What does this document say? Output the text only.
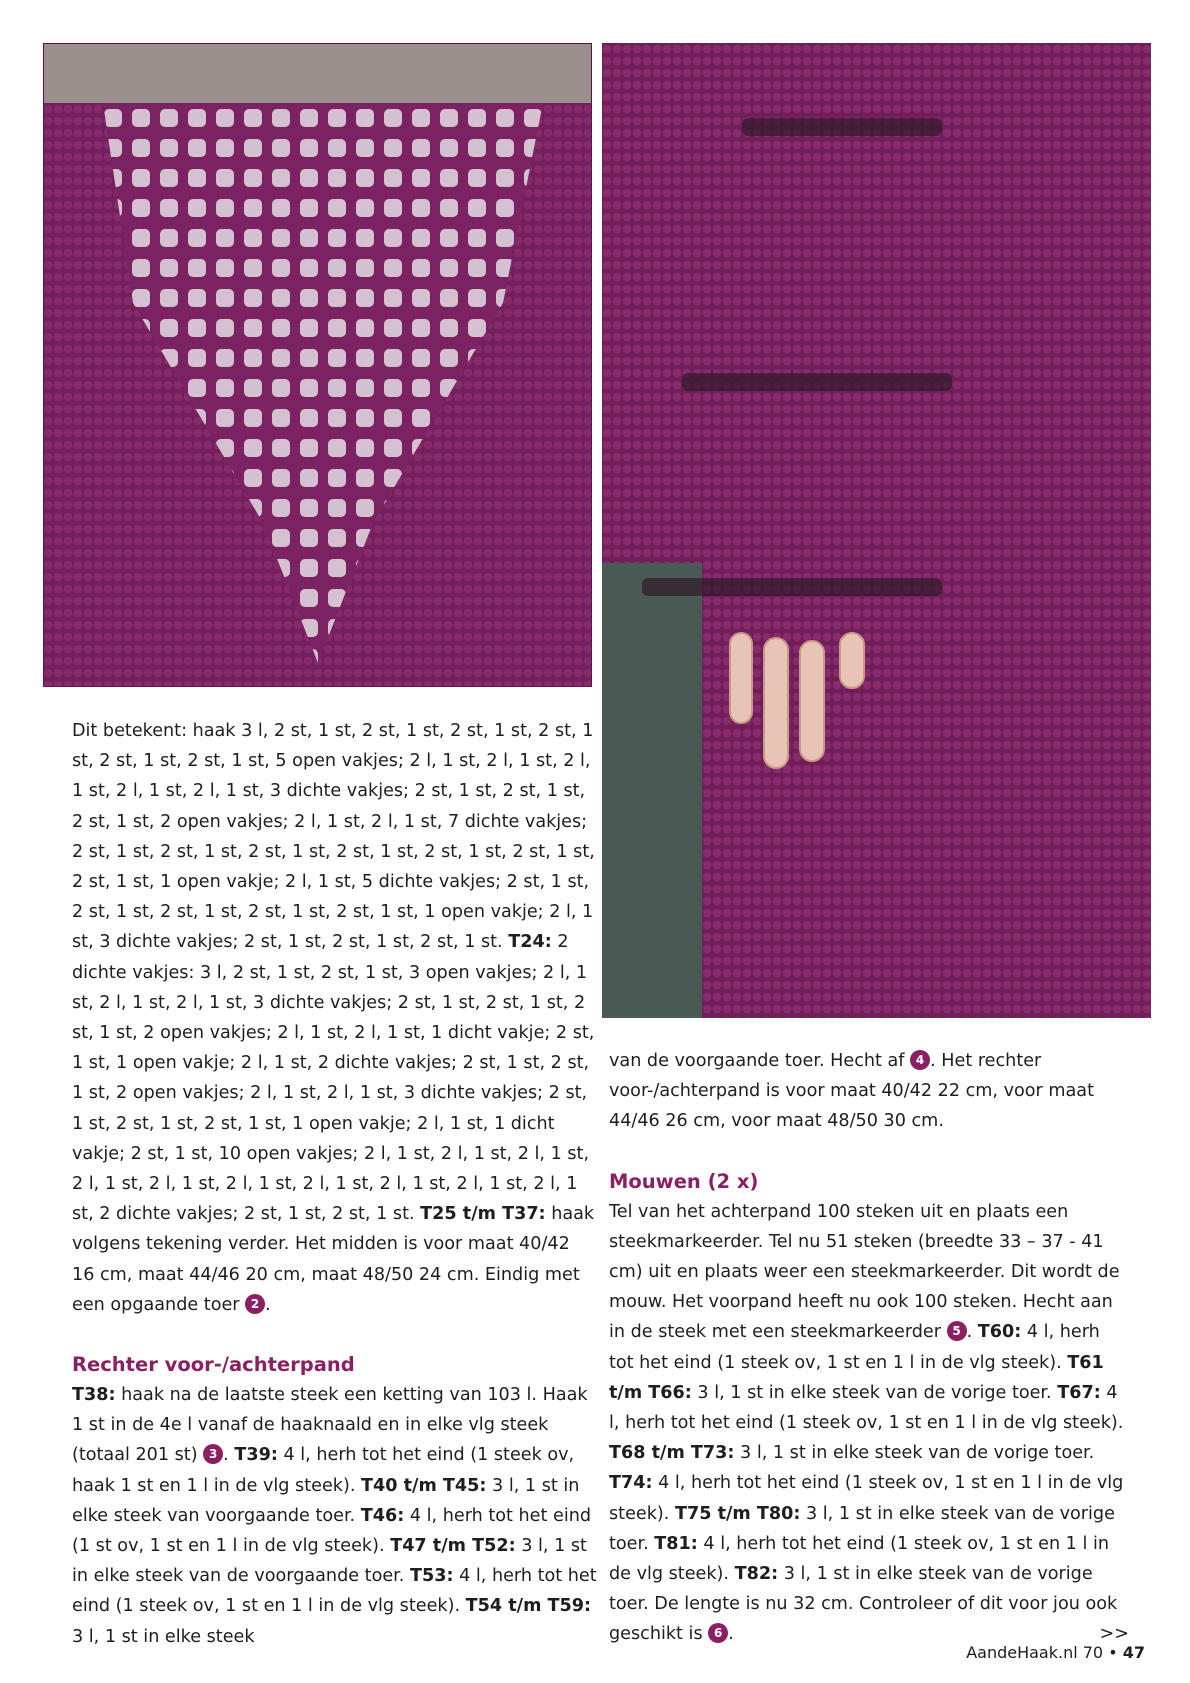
Dit betekent: haak 3 l, 2 st, 1 st, 2 st, 1 st, 2 st, 1 st, 2 st, 1 st, 2 st, 1 st, 2 st, 1 st, 5 open vakjes; 2 l, 1 st, 2 l, 1 st, 2 l, 1 st, 2 l, 1 st, 2 l, 1 st, 3 dichte vakjes; 2 st, 1 st, 2 st, 1 st, 2 st, 1 st, 2 open vakjes; 2 l, 1 st, 2 l, 1 st, 7 dichte vakjes; 2 st, 1 st, 2 st, 1 st, 2 st, 1 st, 2 st, 1 st, 2 st, 1 st, 2 st, 1 st, 2 st, 1 st, 1 open vakje; 2 l, 1 st, 5 dichte vakjes; 2 st, 1 st, 2 st, 1 st, 2 st, 1 st, 2 st, 1 st, 2 st, 1 st, 1 open vakje; 2 l, 1 st, 3 dichte vakjes; 2 st, 1 st, 2 st, 1 st, 2 st, 1 st. T24: 2 dichte vakjes: 3 l, 2 st, 1 st, 2 st, 1 st, 3 open vakjes; 2 l, 1 st, 2 l, 1 st, 2 l, 1 st, 3 dichte vakjes; 2 st, 1 st, 2 st, 1 st, 2 st, 1 st, 2 open vakjes; 2 l, 1 st, 2 l, 1 st, 1 dicht vakje; 2 st, 1 st, 1 open vakje; 2 l, 1 st, 2 dichte vakjes; 2 st, 1 st, 2 st, 1 st, 2 open vakjes; 2 l, 1 st, 2 l, 1 st, 3 dichte vakjes; 2 st, 1 st, 2 st, 1 st, 2 st, 1 st, 1 open vakje; 2 l, 1 st, 1 dicht vakje; 2 st, 1 st, 10 open vakjes; 2 l, 1 st, 2 l, 1 st, 2 l, 1 st, 2 l, 1 st, 2 l, 1 st, 2 l, 1 st, 2 l, 1 st, 2 l, 1 st, 2 l, 1 st, 2 l, 1 st, 2 dichte vakjes; 2 st, 1 st, 2 st, 1 st. T25 t/m T37: haak volgens tekening verder. Het midden is voor maat 40/42 16 cm, maat 44/46 20 cm, maat 48/50 24 cm. Eindig met een opgaande toer 2 .

Rechter voor-/achterpand

T38: haak na de laatste steek een ketting van 103 l. Haak 1 st in de 4e l vanaf de haaknaald en in elke vlg steek (totaal 201 st) 3 . T39: 4 l, herh tot het eind (1 steek ov, haak 1 st en 1 l in de vlg steek). T40 t/m T45: 3 l, 1 st in elke steek van voorgaande toer. T46: 4 l, herh tot het eind (1 st ov, 1 st en 1 l in de vlg steek). T47 t/m T52: 3 l, 1 st in elke steek van de voorgaande toer. T53: 4 l, herh tot het eind (1 steek ov, 1 st en 1 l in de vlg steek). T54 t/m T59: 3 l, 1 st in elke steek

van de voorgaande toer. Hecht af 4 . Het rechter voor-/achterpand is voor maat 40/42 22 cm, voor maat 44/46 26 cm, voor maat 48/50 30 cm.

Mouwen (2 x)

Tel van het achterpand 100 steken uit en plaats een steekmarkeerder. Tel nu 51 steken (breedte 33 – 37 - 41 cm) uit en plaats weer een steekmarkeerder. Dit wordt de mouw. Het voorpand heeft nu ook 100 steken. Hecht aan in de steek met een steekmarkeerder 5 . T60: 4 l, herh tot het eind (1 steek ov, 1 st en 1 l in de vlg steek). T61 t/m T66: 3 l, 1 st in elke steek van de vorige toer. T67: 4 l, herh tot het eind (1 steek ov, 1 st en 1 l in de vlg steek). T68 t/m T73: 3 l, 1 st in elke steek van de vorige toer. T74: 4 l, herh tot het eind (1 steek ov, 1 st en 1 l in de vlg steek). T75 t/m T80: 3 l, 1 st in elke steek van de vorige toer. T81: 4 l, herh tot het eind (1 steek ov, 1 st en 1 l in de vlg steek). T82: 3 l, 1 st in elke steek van de vorige toer. De lengte is nu 32 cm. Controleer of dit voor jou ook geschikt is 6 .	>>
AandeHaak.nl 70 • 47
